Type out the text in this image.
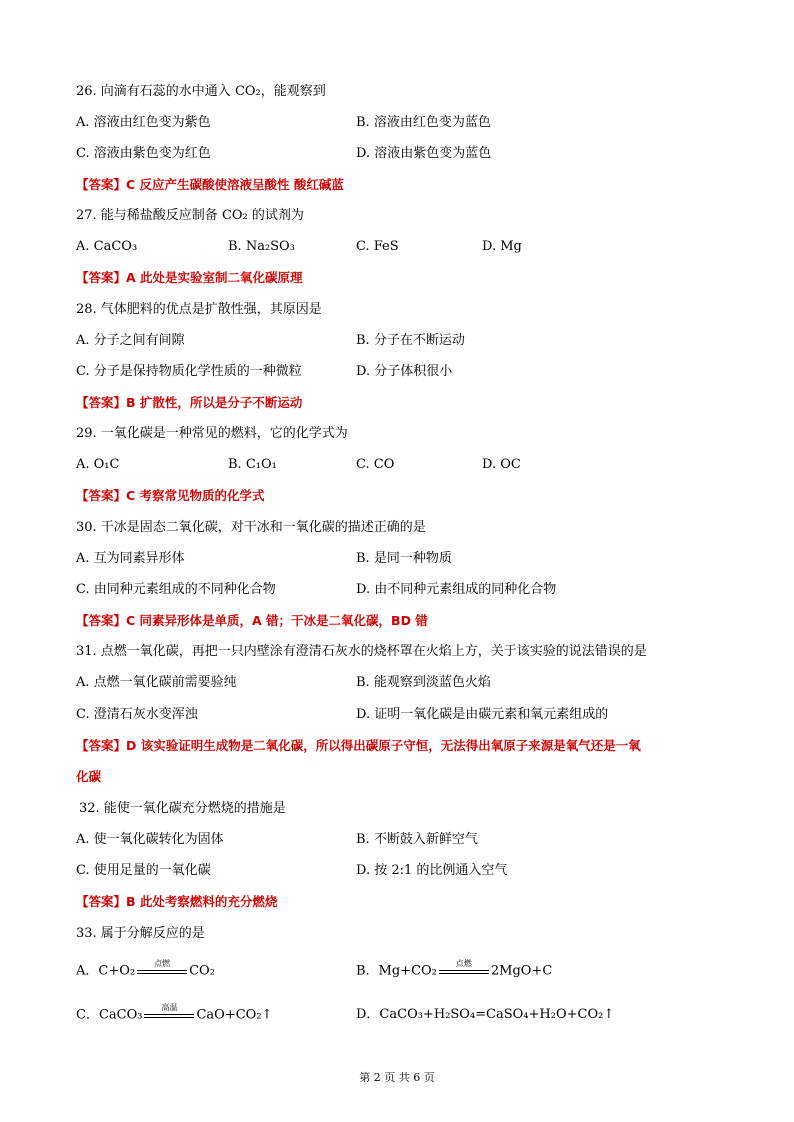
26. 向滴有石蕊的水中通入 CO₂，能观察到
A. 溶液由红色变为紫色	B. 溶液由红色变为蓝色
C. 溶液由紫色变为红色	D. 溶液由紫色变为蓝色
【答案】C 反应产生碳酸使溶液呈酸性 酸红碱蓝
27. 能与稀盐酸反应制备 CO₂ 的试剂为
A. CaCO₃	B. Na₂SO₃	C. FeS	D. Mg
【答案】A 此处是实验室制二氧化碳原理
28. 气体肥料的优点是扩散性强，其原因是
A. 分子之间有间隙	B. 分子在不断运动
C. 分子是保持物质化学性质的一种微粒	D. 分子体积很小
【答案】B 扩散性，所以是分子不断运动
29. 一氧化碳是一种常见的燃料，它的化学式为
A. O₁C	B. C₁O₁	C. CO	D. OC
【答案】C 考察常见物质的化学式
30. 干冰是固态二氧化碳，对干冰和一氧化碳的描述正确的是
A. 互为同素异形体	B. 是同一种物质
C. 由同种元素组成的不同种化合物	D. 由不同种元素组成的同种化合物
【答案】C 同素异形体是单质，A 错；干冰是二氧化碳，BD 错
31. 点燃一氧化碳，再把一只内壁涂有澄清石灰水的烧杯罩在火焰上方，关于该实验的说法错误的是
A. 点燃一氧化碳前需要验纯	B. 能观察到淡蓝色火焰
C. 澄清石灰水变浑浊	D. 证明一氧化碳是由碳元素和氧元素组成的
【答案】D 该实验证明生成物是二氧化碳，所以得出碳原子守恒，无法得出氧原子来源是氧气还是一氧
化碳
32. 能使一氧化碳充分燃烧的措施是
A. 使一氧化碳转化为固体	B. 不断鼓入新鲜空气
C. 使用足量的一氧化碳	D. 按 2:1 的比例通入空气
【答案】B 此处考察燃料的充分燃烧
33. 属于分解反应的是
A．C+O₂	点燃	CO₂	B．Mg+CO₂	点燃	2MgO+C
C．CaCO₃	高温	CaO+CO₂↑	D．CaCO₃+H₂SO₄=CaSO₄+H₂O+CO₂↑
第 2 页 共 6 页
